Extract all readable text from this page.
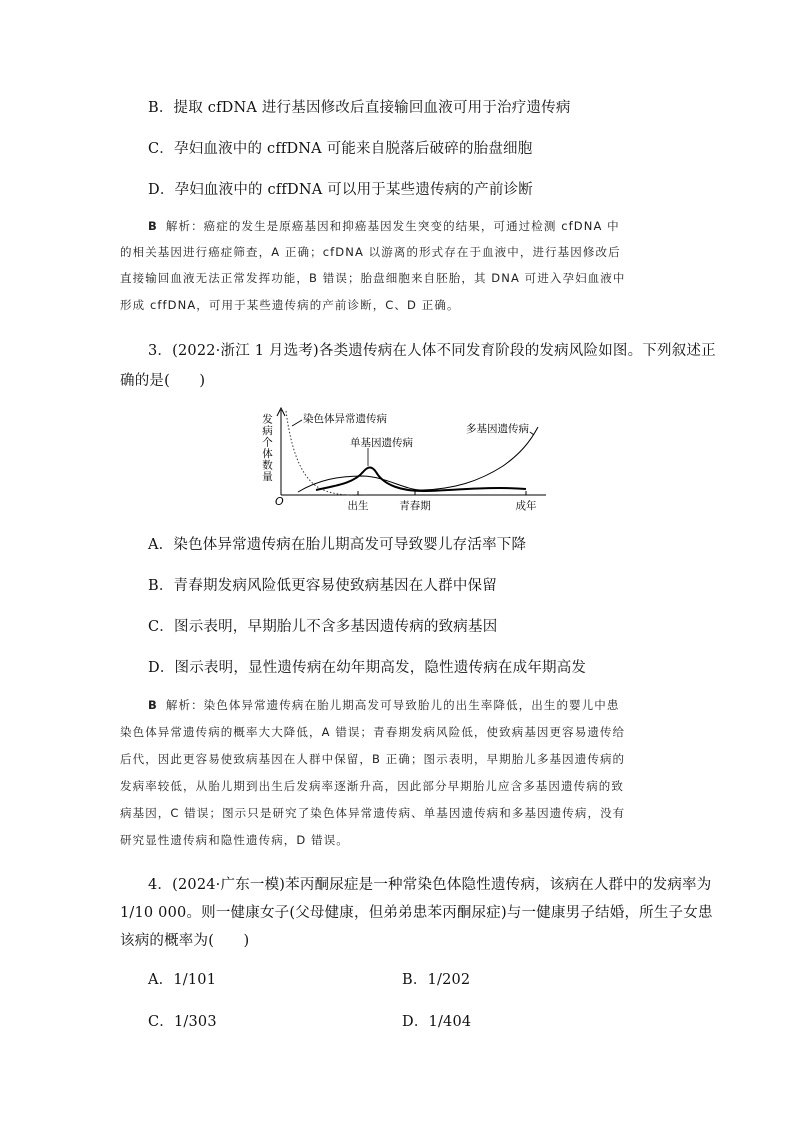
B．提取 cfDNA 进行基因修改后直接输回血液可用于治疗遗传病
C．孕妇血液中的 cffDNA 可能来自脱落后破碎的胎盘细胞
D．孕妇血液中的 cffDNA 可以用于某些遗传病的产前诊断
B 解析：癌症的发生是原癌基因和抑癌基因发生突变的结果，可通过检测 cfDNA 中
的相关基因进行癌症筛查，A 正确；cfDNA 以游离的形式存在于血液中，进行基因修改后
直接输回血液无法正常发挥功能，B 错误；胎盘细胞来自胚胎，其 DNA 可进入孕妇血液中
形成 cffDNA，可用于某些遗传病的产前诊断，C、D 正确。
3．(2022·浙江 1 月选考)各类遗传病在人体不同发育阶段的发病风险如图。下列叙述正
确的是(　　)
发病个体数量
O	出生	青春期	成年
染色体异常遗传病
单基因遗传病
多基因遗传病
A．染色体异常遗传病在胎儿期高发可导致婴儿存活率下降
B．青春期发病风险低更容易使致病基因在人群中保留
C．图示表明，早期胎儿不含多基因遗传病的致病基因
D．图示表明，显性遗传病在幼年期高发，隐性遗传病在成年期高发
B 解析：染色体异常遗传病在胎儿期高发可导致胎儿的出生率降低，出生的婴儿中患
染色体异常遗传病的概率大大降低，A 错误；青春期发病风险低，使致病基因更容易遗传给
后代，因此更容易使致病基因在人群中保留，B 正确；图示表明，早期胎儿多基因遗传病的
发病率较低，从胎儿期到出生后发病率逐渐升高，因此部分早期胎儿应含多基因遗传病的致
病基因，C 错误；图示只是研究了染色体异常遗传病、单基因遗传病和多基因遗传病，没有
研究显性遗传病和隐性遗传病，D 错误。
4．(2024·广东一模)苯丙酮尿症是一种常染色体隐性遗传病，该病在人群中的发病率为
1/10 000。则一健康女子(父母健康，但弟弟患苯丙酮尿症)与一健康男子结婚，所生子女患
该病的概率为(　　)
A．1/101	B．1/202
C．1/303	D．1/404
